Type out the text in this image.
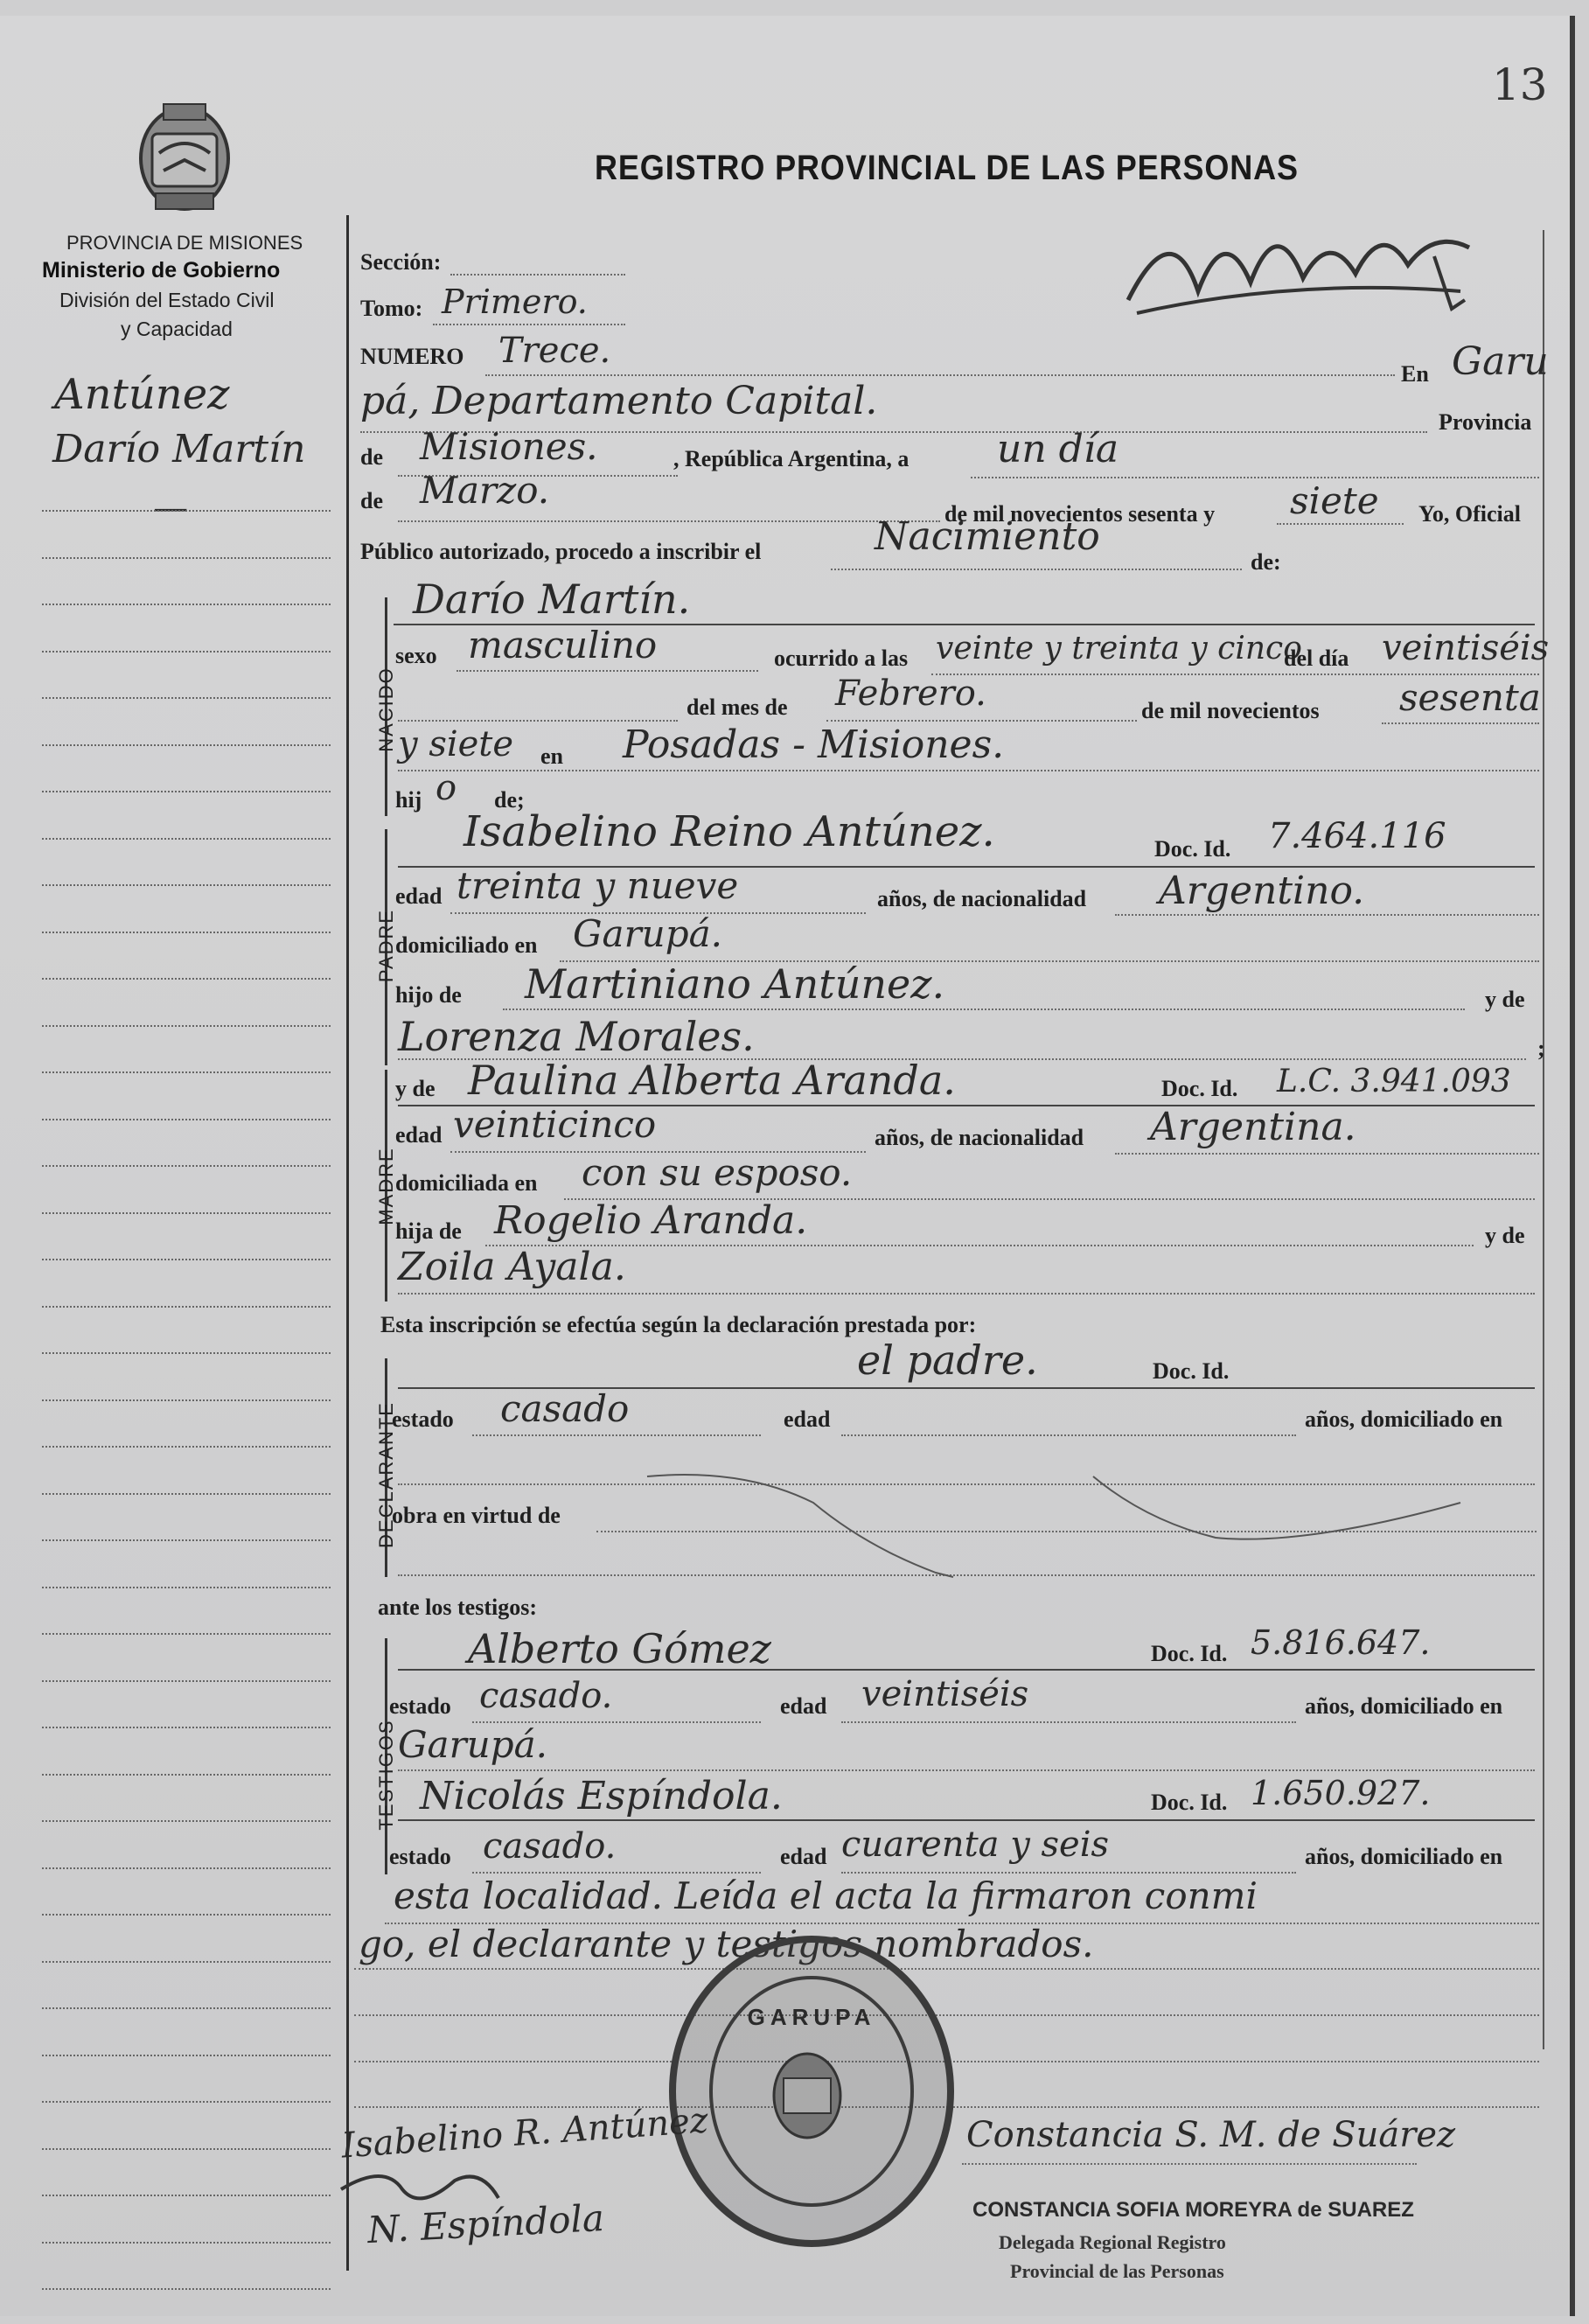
13
PROVINCIA DE MISIONES
Ministerio de Gobierno
División del Estado Civil
y Capacidad
REGISTRO PROVINCIAL DE LAS PERSONAS
Antúnez
Darío Martín
—
Sección:
Tomo: Primero.
NUMERO Trece.
En Garu
pá, Departamento Capital.	Provincia
de Misiones.	, República Argentina, a un día
de Marzo.
de mil novecientos sesenta y siete Yo, Oficial
Público autorizado, procedo a inscribir el	Nacimiento
de:
NACIDO
Darío Martín.
sexo masculino	ocurrido a las veinte y treinta y cinco
del día veintiséis
del mes de Febrero.	de mil novecientos sesenta
y siete en Posadas - Misiones.
hij o de;
PADRE
Isabelino Reino Antúnez.	Doc. Id. 7.464.116
edad treinta y nueve	años, de nacionalidad Argentino.
domiciliado en Garupá.
hijo de Martiniano Antúnez.	y de
Lorenza Morales.	;
MADRE
y de Paulina Alberta Aranda.	Doc. Id. L.C. 3.941.093
edad veinticinco	años, de nacionalidad Argentina.
domiciliada en con su esposo.
hija de Rogelio Aranda.	y de
Zoila Ayala.
Esta inscripción se efectúa según la declaración prestada por:
DECLARANTE
el padre.	Doc. Id.
estado casado	edad	años, domiciliado en
obra en virtud de
ante los testigos:
TESTIGOS
Alberto Gómez	Doc. Id. 5.816.647.
estado casado.	edad veintiséis	años, domiciliado en
Garupá.
Nicolás Espíndola.	Doc. Id. 1.650.927.
estado casado.	edad cuarenta y seis	años, domiciliado en
esta localidad. Leída el acta la firmaron conmi
go, el declarante y testigos nombrados.
GARUPA
Isabelino R. Antúnez
N. Espíndola
Constancia S. M. de Suárez
CONSTANCIA SOFIA MOREYRA de SUAREZ
Delegada Regional Registro
Provincial de las Personas
